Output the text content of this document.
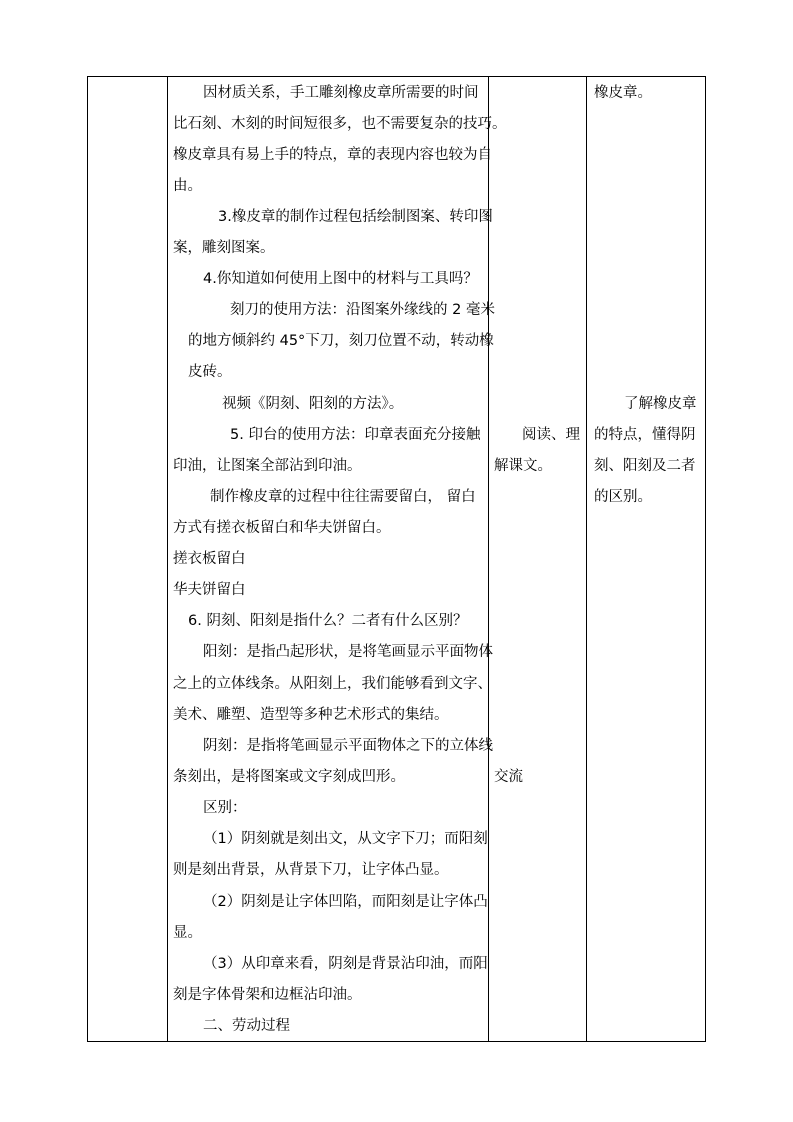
因材质关系，手工雕刻橡皮章所需要的时间
比石刻、木刻的时间短很多，也不需要复杂的技巧。
橡皮章具有易上手的特点，章的表现内容也较为自
由。
3.橡皮章的制作过程包括绘制图案、转印图
案，雕刻图案。
4.你知道如何使用上图中的材料与工具吗？
刻刀的使用方法：沿图案外缘线的 2 毫米
的地方倾斜约 45°下刀，刻刀位置不动，转动橡
皮砖。
视频《阴刻、阳刻的方法》。
5. 印台的使用方法：印章表面充分接触
印油，让图案全部沾到印油。
制作橡皮章的过程中往往需要留白， 留白
方式有搓衣板留白和华夫饼留白。
搓衣板留白
华夫饼留白
6. 阴刻、阳刻是指什么？二者有什么区别？
阳刻：是指凸起形状，是将笔画显示平面物体
之上的立体线条。从阳刻上，我们能够看到文字、
美术、雕塑、造型等多种艺术形式的集结。
阴刻：是指将笔画显示平面物体之下的立体线
条刻出，是将图案或文字刻成凹形。
区别：
（1）阴刻就是刻出文，从文字下刀；而阳刻
则是刻出背景，从背景下刀，让字体凸显。
（2）阴刻是让字体凹陷，而阳刻是让字体凸
显。
（3）从印章来看，阴刻是背景沾印油，而阳
刻是字体骨架和边框沾印油。
二、劳动过程
阅读、理
解课文。
交流
橡皮章。
了解橡皮章
的特点，懂得阴
刻、阳刻及二者
的区别。
